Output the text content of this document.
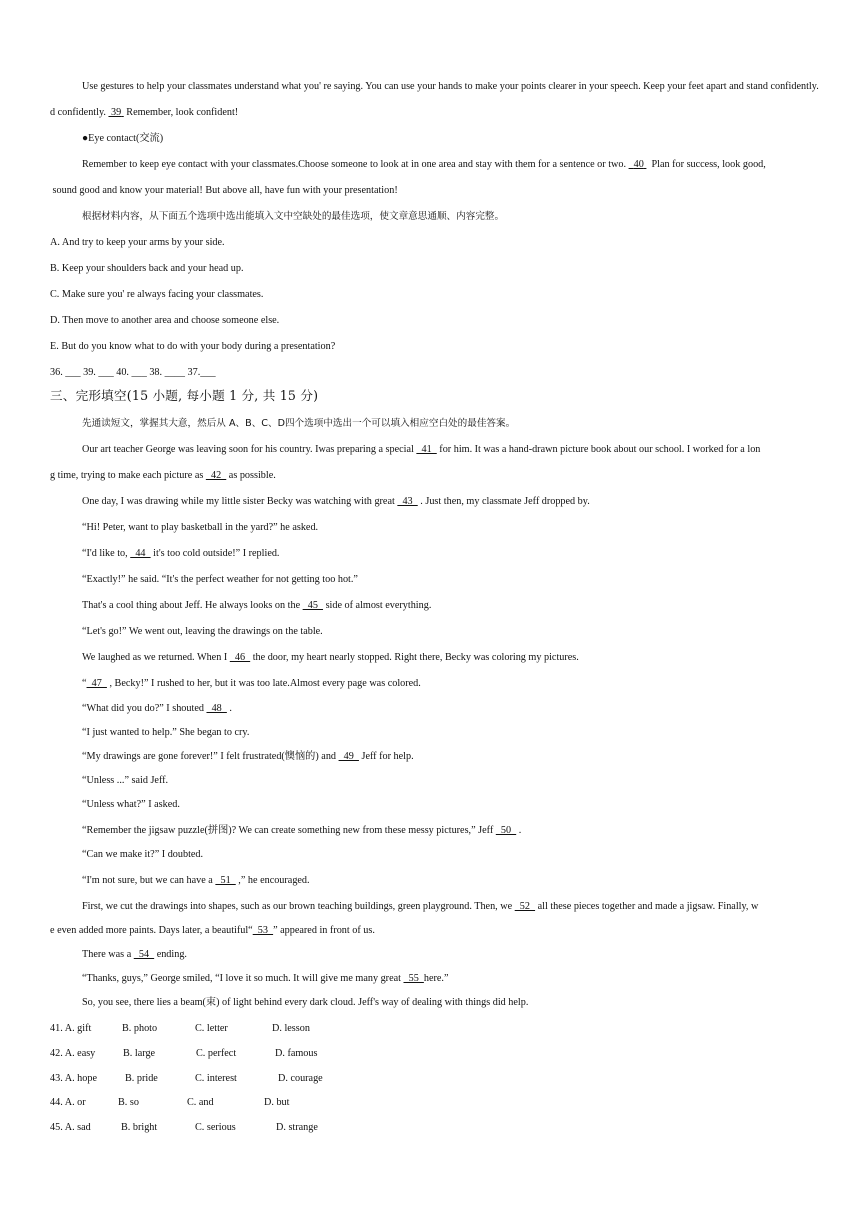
Use gestures to help your classmates understand what you' re saying. You can use your hands to make your points clearer in your speech. Keep your feet apart and stand confidently.
d confidently.  39 Remember, look confident!
●Eye contact(交流)
Remember to keep eye contact with your classmates.Choose someone to look at in one area and stay with them for a sentence or two. 40   Plan for success, look good,
sound good and know your material! But above all, have fun with your presentation!
根据材料内容，从下面五个选项中选出能填入文中空缺处的最佳选项，使文章意思通顺、内容完整。
A. And try to keep your arms by your side.
B. Keep your shoulders back and your head up.
C. Make sure you' re always facing your classmates.
D. Then move to another area and choose someone else.
E. But do you know what to do with your body during a presentation?
36. ___ 39. ___ 40. ___ 38. ____ 37.___
三、完形填空(15 小题, 每小题 1 分, 共 15 分)
先通读短文，掌握其大意，然后从 A、B、C、D四个选项中选出一个可以填入相应空白处的最佳答案。
Our art teacher George was leaving soon for his country. Iwas preparing a special   41   for him. It was a hand-drawn picture book about our school. I worked for a lon
g time, trying to make each picture as   42   as possible.
One day, I was drawing while my little sister Becky was watching with great   43   . Just then, my classmate Jeff dropped by.
“Hi! Peter, want to play basketball in the yard?” he asked.
“I'd like to,   44   it's too cold outside!” I replied.
“Exactly!” he said. “It's the perfect weather for not getting too hot.”
That's a cool thing about Jeff. He always looks on the   45   side of almost everything.
“Let's go!” We went out, leaving the drawings on the table.
We laughed as we returned. When I   46   the door, my heart nearly stopped. Right there, Becky was coloring my pictures.
“  47   , Becky!” I rushed to her, but it was too late.Almost every page was colored.
“What did you do?” I shouted   48   .
“I just wanted to help.” She began to cry.
“My drawings are gone forever!” I felt frustrated(懊恼的) and   49   Jeff for help.
“Unless ...” said Jeff.
“Unless what?” I asked.
“Remember the jigsaw puzzle(拼图)? We can create something new from these messy pictures,” Jeff   50   .
“Can we make it?” I doubted.
“I'm not sure, but we can have a   51   ,” he encouraged.
First, we cut the drawings into shapes, such as our brown teaching buildings, green playground. Then, we   52   all these pieces together and made a jigsaw. Finally, w
e even added more paints. Days later, a beautiful“  53  ” appeared in front of us.
There was a   54   ending.
“Thanks, guys,” George smiled, “I love it so much. It will give me many great   55  here.”
So, you see, there lies a beam(束) of light behind every dark cloud. Jeff's way of dealing with things did help.
41. A. gift	B. photo	C. letter	D. lesson
42. A. easy	B. large	C. perfect	D. famous
43. A. hope	B. pride	C. interest	D. courage
44. A. or	B. so	C. and	D. but
45. A. sad	B. bright	C. serious	D. strange
